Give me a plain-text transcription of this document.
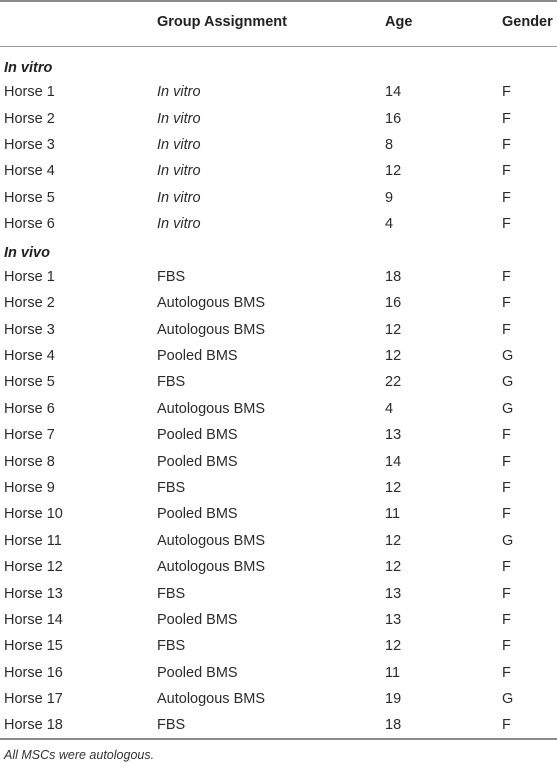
	Group Assignment	Age	Gender
In vitro			
Horse 1	In vitro	14	F
Horse 2	In vitro	16	F
Horse 3	In vitro	8	F
Horse 4	In vitro	12	F
Horse 5	In vitro	9	F
Horse 6	In vitro	4	F
In vivo			
Horse 1	FBS	18	F
Horse 2	Autologous BMS	16	F
Horse 3	Autologous BMS	12	F
Horse 4	Pooled BMS	12	G
Horse 5	FBS	22	G
Horse 6	Autologous BMS	4	G
Horse 7	Pooled BMS	13	F
Horse 8	Pooled BMS	14	F
Horse 9	FBS	12	F
Horse 10	Pooled BMS	11	F
Horse 11	Autologous BMS	12	G
Horse 12	Autologous BMS	12	F
Horse 13	FBS	13	F
Horse 14	Pooled BMS	13	F
Horse 15	FBS	12	F
Horse 16	Pooled BMS	11	F
Horse 17	Autologous BMS	19	G
Horse 18	FBS	18	F
All MSCs were autologous.
